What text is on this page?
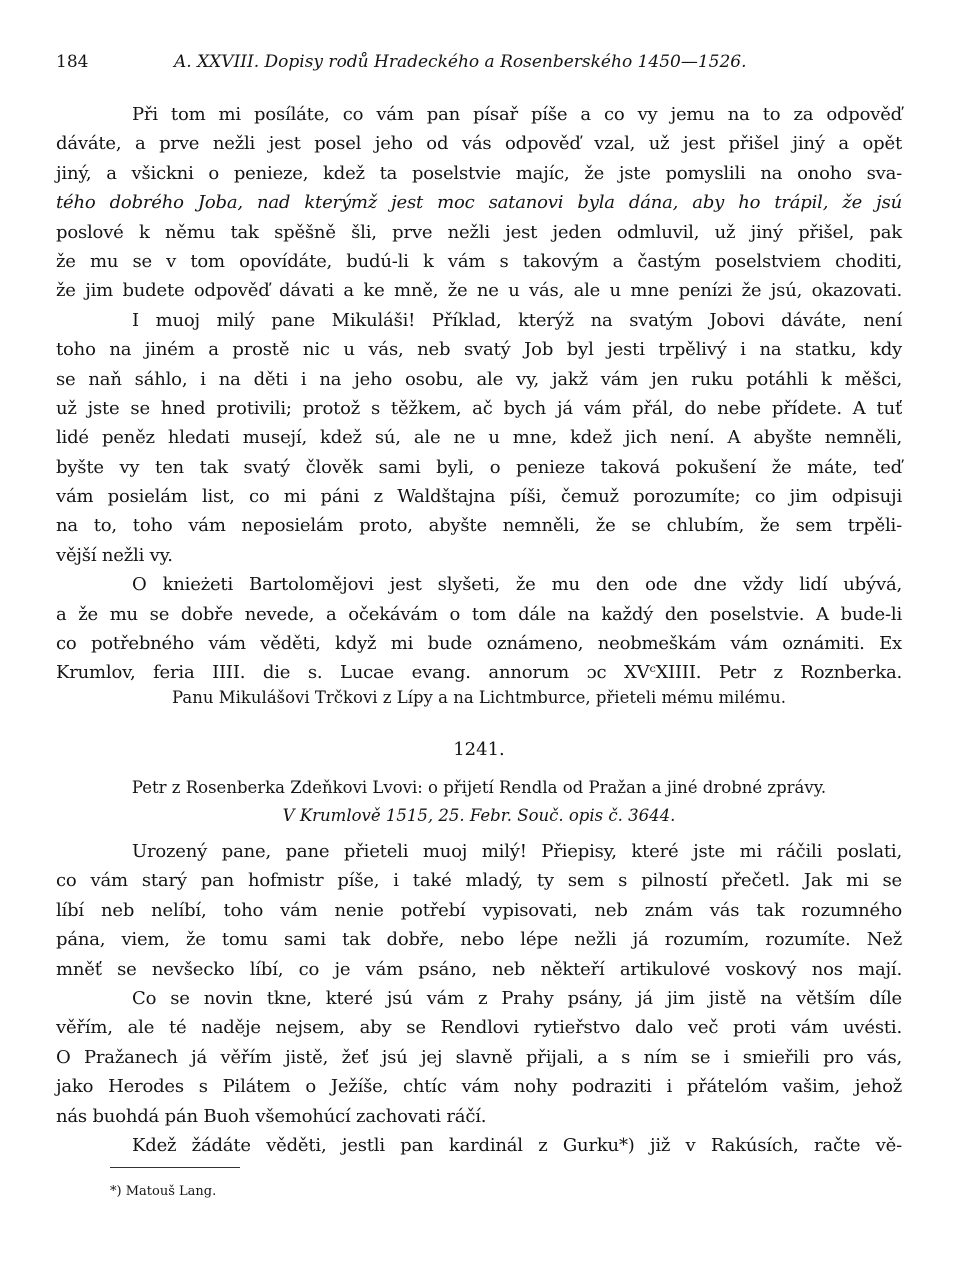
184	A. XXVIII. Dopisy rodů Hradeckého a Rosenberského 1450—1526.
Při tom mi posíláte, co vám pan písař píše a co vy jemu na to za odpověď
dáváte, a prve nežli jest posel jeho od vás odpověď vzal, už jest přišel jiný a opět
jiný, a všickni o penieze, kdež ta poselstvie majíc, že jste pomyslili na onoho sva-
tého dobrého Joba, nad kterýmž jest moc satanovi byla dána, aby ho trápil, že jsú
poslové k němu tak spěšně šli, prve nežli jest jeden odmluvil, už jiný přišel, pak
že mu se v tom opovídáte, budú-li k vám s takovým a častým poselstviem choditi,
že jim budete odpověď dávati a ke mně, že ne u vás, ale u mne penízi že jsú, okazovati.
I muoj milý pane Mikuláši! Příklad, kterýž na svatým Jobovi dáváte, není
toho na jiném a prostě nic u vás, neb svatý Job byl jesti trpělivý i na statku, kdy
se naň sáhlo, i na děti i na jeho osobu, ale vy, jakž vám jen ruku potáhli k měšci,
už jste se hned protivili; protož s těžkem, ač bych já vám přál, do nebe přídete. A tuť
lidé peněz hledati musejí, kdež sú, ale ne u mne, kdež jich není. A abyšte nemněli,
byšte vy ten tak svatý člověk sami byli, o penieze taková pokušení že máte, teď
vám posielám list, co mi páni z Waldštajna píši, čemuž porozumíte; co jim odpisuji
na to, toho vám neposielám proto, abyšte nemněli, že se chlubím, že sem trpěli-
vější nežli vy.
O knieżeti Bartolomějovi jest slyšeti, že mu den ode dne vždy lidí ubývá,
a že mu se dobře nevede, a očekávám o tom dále na každý den poselstvie. A bude-li
co potřebného vám věděti, když mi bude oznámeno, neobmeškám vám oznámiti. Ex
Krumlov, feria IIII. die s. Lucae evang. annorum ɔc XVᶜXIIII. Petr z Roznberka.
Panu Mikulášovi Trčkovi z Lípy a na Lichtmburce, přieteli mému milému.
1241.
Petr z Rosenberka Zdeňkovi Lvovi: o přijetí Rendla od Pražan a jiné drobné zprávy.
V Krumlově 1515, 25. Febr. Souč. opis č. 3644.
Urozený pane, pane přieteli muoj milý! Přiepisy, které jste mi ráčili poslati,
co vám starý pan hofmistr píše, i také mladý, ty sem s pilností přečetl. Jak mi se
líbí neb nelíbí, toho vám nenie potřebí vypisovati, neb znám vás tak rozumného
pána, viem, že tomu sami tak dobře, nebo lépe nežli já rozumím, rozumíte. Než
mněť se nevšecko líbí, co je vám psáno, neb někteří artikulové voskový nos mají.
Co se novin tkne, které jsú vám z Prahy psány, já jim jistě na větším díle
věřím, ale té naděje nejsem, aby se Rendlovi rytieřstvo dalo več proti vám uvésti.
O Pražanech já věřím jistě, žeť jsú jej slavně přijali, a s ním se i smieřili pro vás,
jako Herodes s Pilátem o Ježíše, chtíc vám nohy podraziti i přátelóm vašim, jehož
nás buohdá pán Buoh všemohúcí zachovati ráčí.
Kdež žádáte věděti, jestli pan kardinál z Gurku*) již v Rakúsích, račte vě-
*) Matouš Lang.
